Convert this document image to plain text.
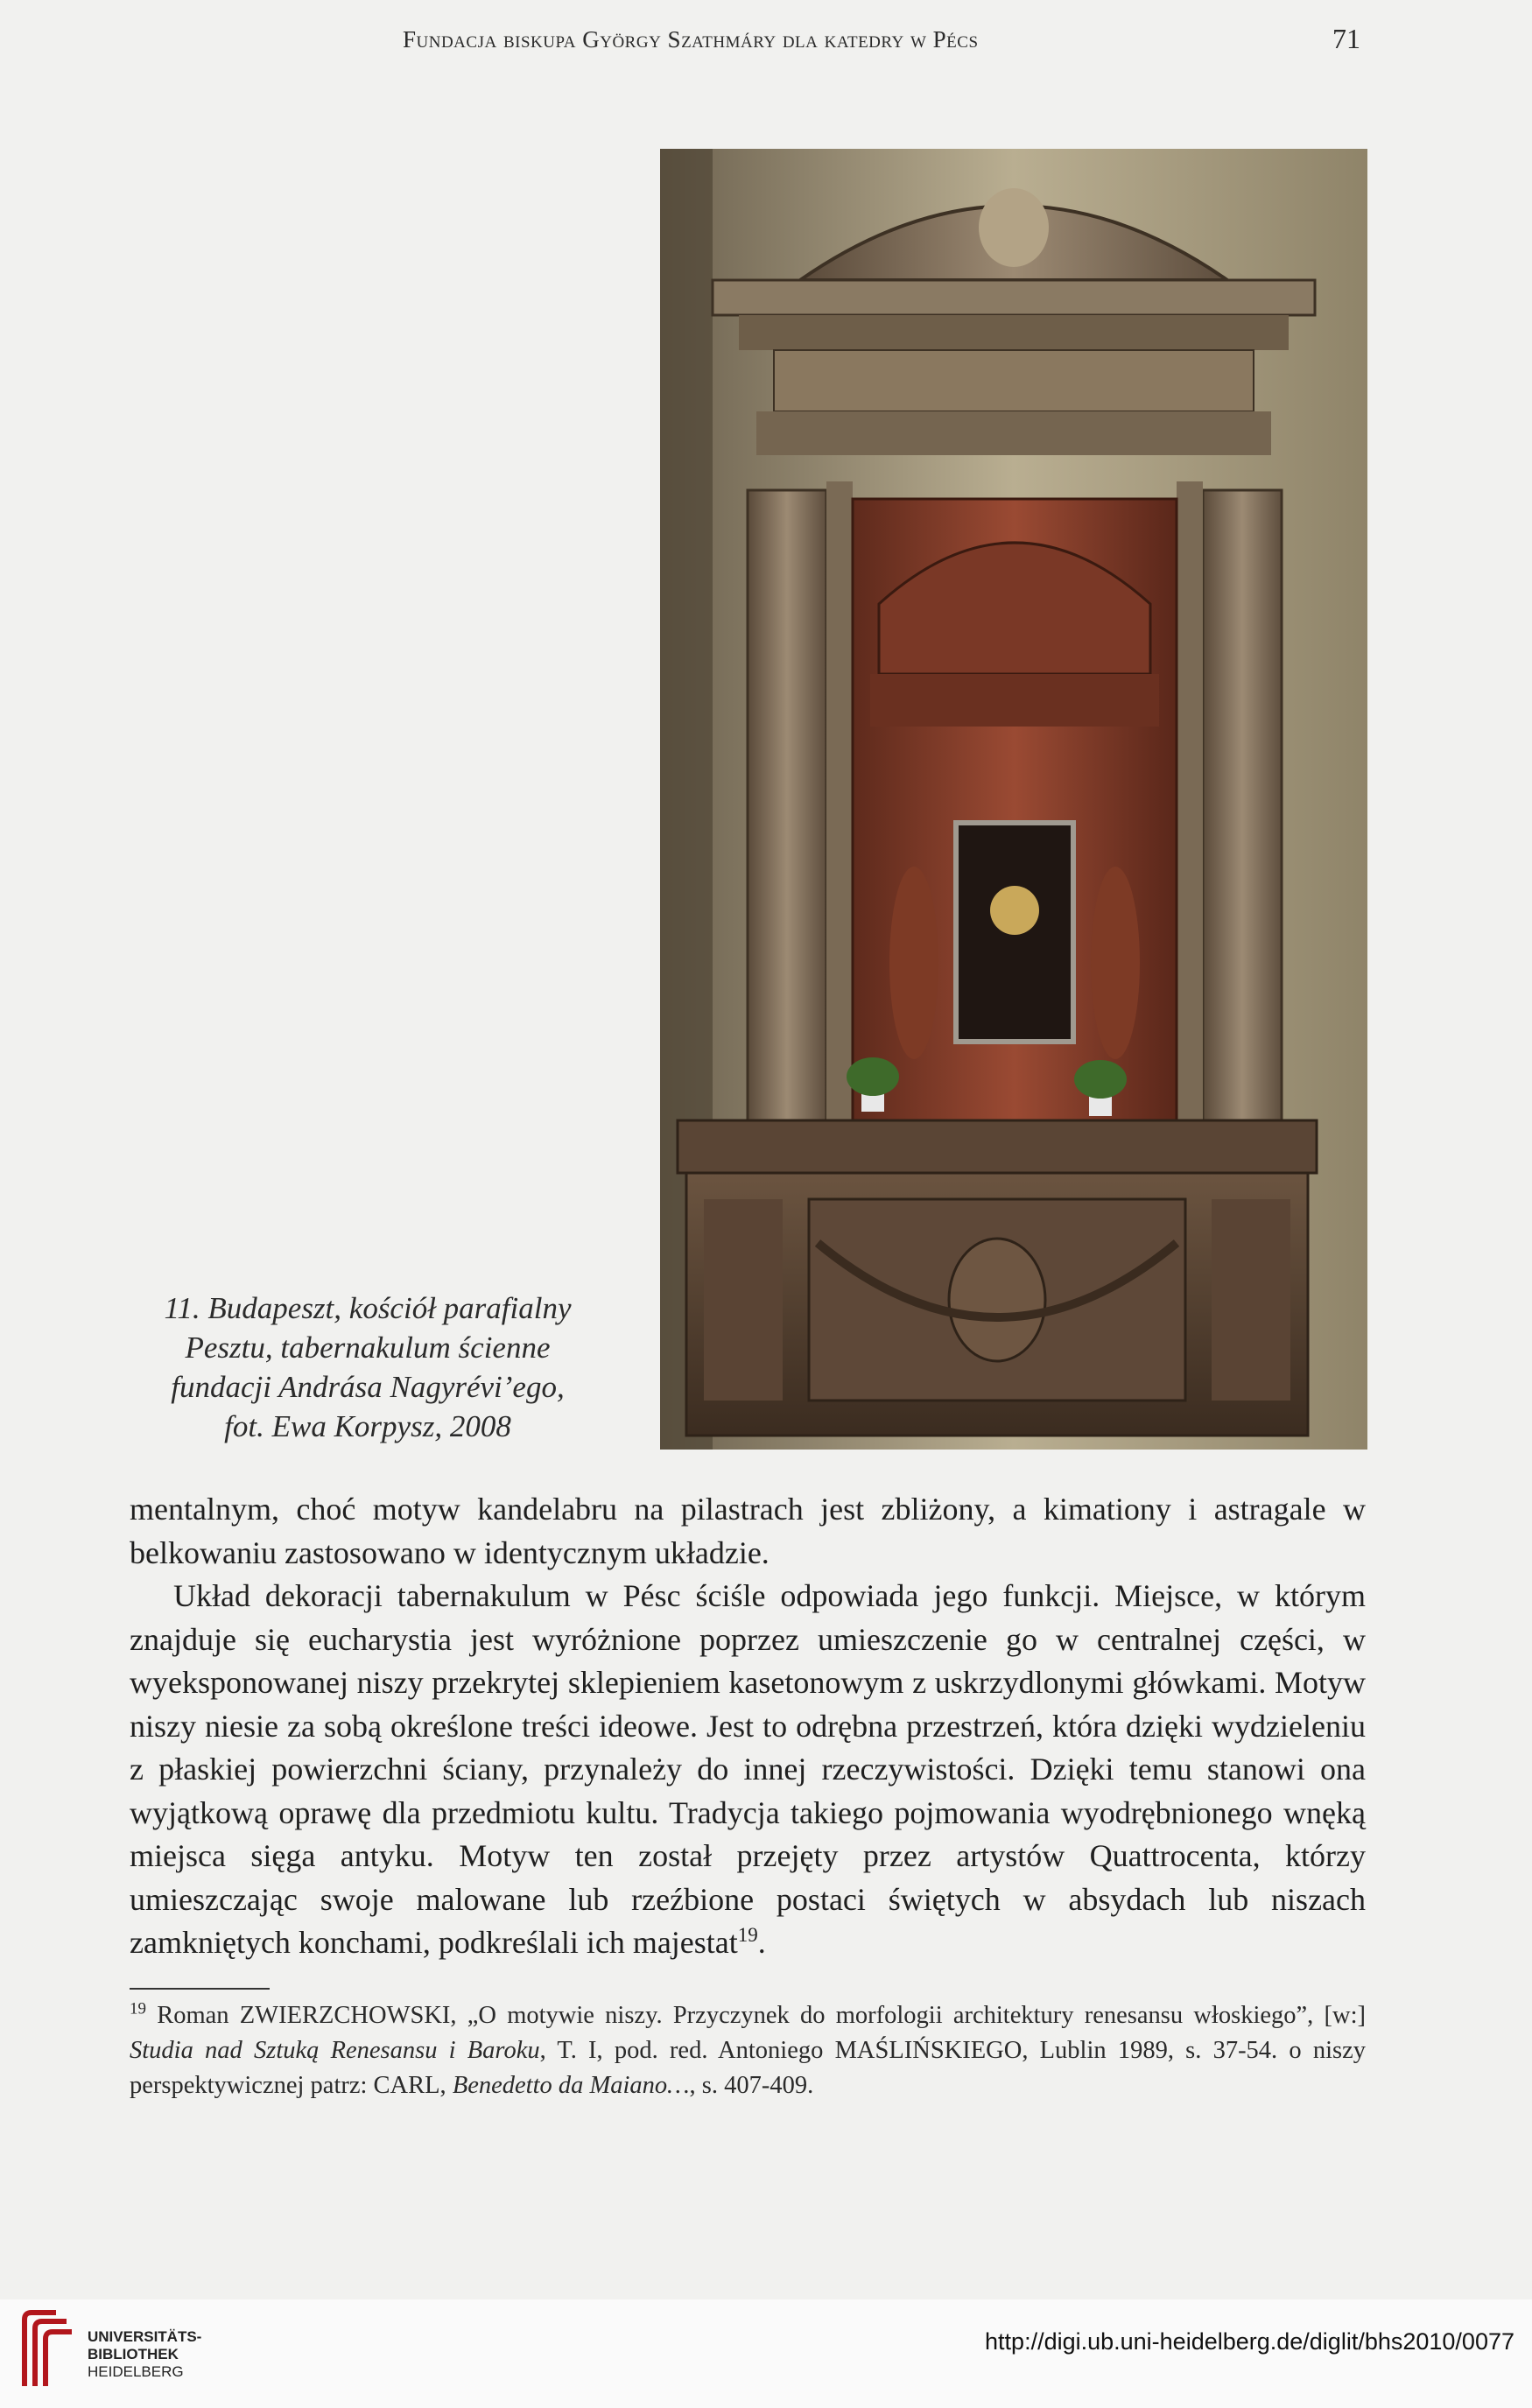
Fundacja biskupa György Szathmáry dla katedry w Pécs	71
11. Budapeszt, kościół parafialny
Pesztu, tabernakulum ścienne
fundacji Andrása Nagyrévi’ego,
fot. Ewa Korpysz, 2008

mentalnym, choć motyw kandelabru na pilastrach jest zbliżony, a kimationy i astragale w belkowaniu zastosowano w identycznym układzie.

Układ dekoracji tabernakulum w Pésc ściśle odpowiada jego funkcji. Miejsce, w którym znajduje się eucharystia jest wyróżnione poprzez umieszczenie go w centralnej części, w wyeksponowanej niszy przekrytej sklepieniem kasetonowym z uskrzydlonymi główkami. Motyw niszy niesie za sobą określone treści ideowe. Jest to odrębna przestrzeń, która dzięki wydzieleniu z płaskiej powierzchni ściany, przynależy do innej rzeczywistości. Dzięki temu stanowi ona wyjątkową oprawę dla przedmiotu kultu. Tradycja takiego pojmowania wyodrębnionego wnęką miejsca sięga antyku. Motyw ten został przejęty przez artystów Quattrocenta, którzy umieszczając swoje malowane lub rzeźbione postaci świętych w absydach lub niszach zamkniętych konchami, podkreślali ich majestat$^{19}$.

$^{19}$ Roman ZWIERZCHOWSKI, „O motywie niszy. Przyczynek do morfologii architektury renesansu włoskiego”, [w:] Studia nad Sztuką Renesansu i Baroku, T. I, pod. red. Antoniego MAŚLIŃSKIEGO, Lublin 1989, s. 37-54. o niszy perspektywicznej patrz: CARL, Benedetto da Maiano…, s. 407-409.
UNIVERSITÄTS-
BIBLIOTHEK
HEIDELBERG
http://digi.ub.uni-heidelberg.de/diglit/bhs2010/0077
